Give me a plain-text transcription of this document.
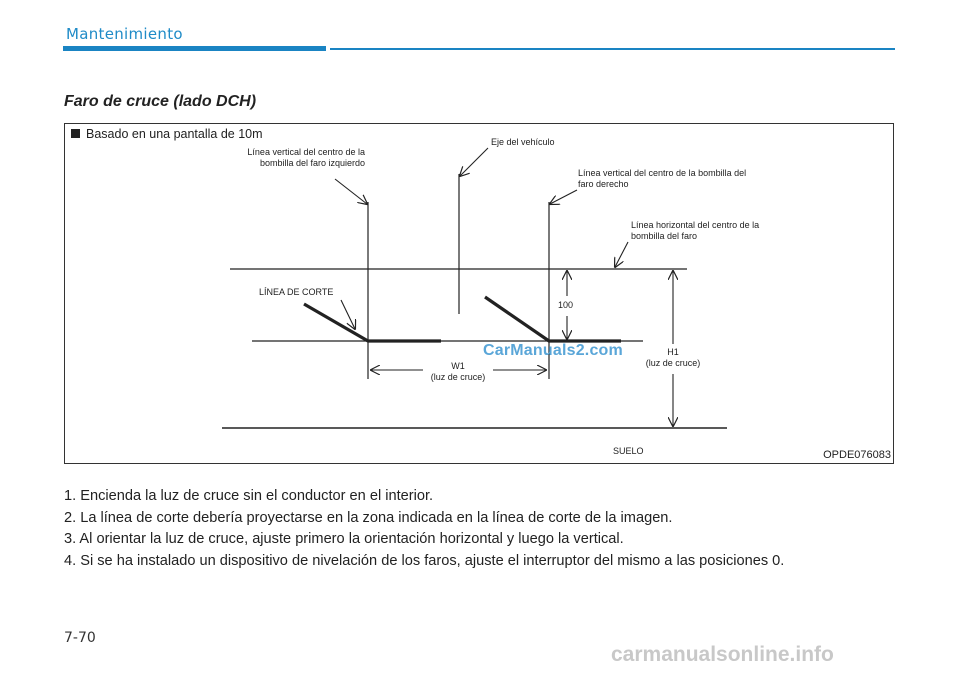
Mantenimiento
Faro de cruce (lado DCH)
Basado en una pantalla de 10m
Línea vertical del centro de la bombilla del faro izquierdo
Eje del vehículo
Línea vertical del centro de la bombilla del faro derecho
Línea horizontal del centro de la bombilla del faro
LÍNEA DE CORTE
100
W1
(luz de cruce)
H1
(luz de cruce)
SUELO
CarManuals2.com
OPDE076083
1. Encienda la luz de cruce sin el conductor en el interior.
2. La línea de corte debería proyectarse en la zona indicada en la línea de corte de la imagen.
3. Al orientar la luz de cruce, ajuste primero la orientación horizontal y luego la vertical.
4. Si se ha instalado un dispositivo de nivelación de los faros, ajuste el interruptor del mismo a las posiciones 0.
7-70
carmanualsonline.info
